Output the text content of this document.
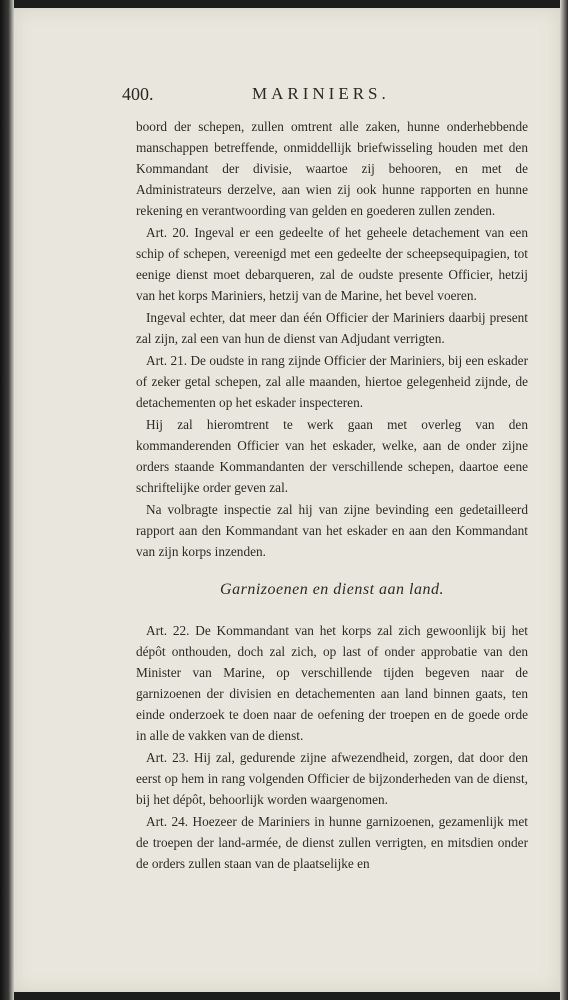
400.	MARINIERS.

boord der schepen, zullen omtrent alle zaken, hunne onderhebbende manschappen betreffende, onmiddellijk briefwisseling houden met den Kommandant der divisie, waartoe zij behooren, en met de Administrateurs derzelve, aan wien zij ook hunne rapporten en hunne rekening en verantwoording van gelden en goederen zullen zenden.

Art. 20. Ingeval er een gedeelte of het geheele detachement van een schip of schepen, vereenigd met een gedeelte der scheepsequipagien, tot eenige dienst moet debarqueren, zal de oudste presente Officier, hetzij van het korps Mariniers, hetzij van de Marine, het bevel voeren.

Ingeval echter, dat meer dan één Officier der Mariniers daarbij present zal zijn, zal een van hun de dienst van Adjudant verrigten.

Art. 21. De oudste in rang zijnde Officier der Mariniers, bij een eskader of zeker getal schepen, zal alle maanden, hiertoe gelegenheid zijnde, de detachementen op het eskader inspecteren.

Hij zal hieromtrent te werk gaan met overleg van den kommanderenden Officier van het eskader, welke, aan de onder zijne orders staande Kommandanten der verschillende schepen, daartoe eene schriftelijke order geven zal.

Na volbragte inspectie zal hij van zijne bevinding een gedetailleerd rapport aan den Kommandant van het eskader en aan den Kommandant van zijn korps inzenden.

Garnizoenen en dienst aan land.

Art. 22. De Kommandant van het korps zal zich gewoonlijk bij het dépôt onthouden, doch zal zich, op last of onder approbatie van den Minister van Marine, op verschillende tijden begeven naar de garnizoenen der divisien en detachementen aan land binnen gaats, ten einde onderzoek te doen naar de oefening der troepen en de goede orde in alle de vakken van de dienst.

Art. 23. Hij zal, gedurende zijne afwezendheid, zorgen, dat door den eerst op hem in rang volgenden Officier de bijzonderheden van de dienst, bij het dépôt, behoorlijk worden waargenomen.

Art. 24. Hoezeer de Mariniers in hunne garnizoenen, gezamenlijk met de troepen der land-armée, de dienst zullen verrigten, en mitsdien onder de orders zullen staan van de plaatselijke en
